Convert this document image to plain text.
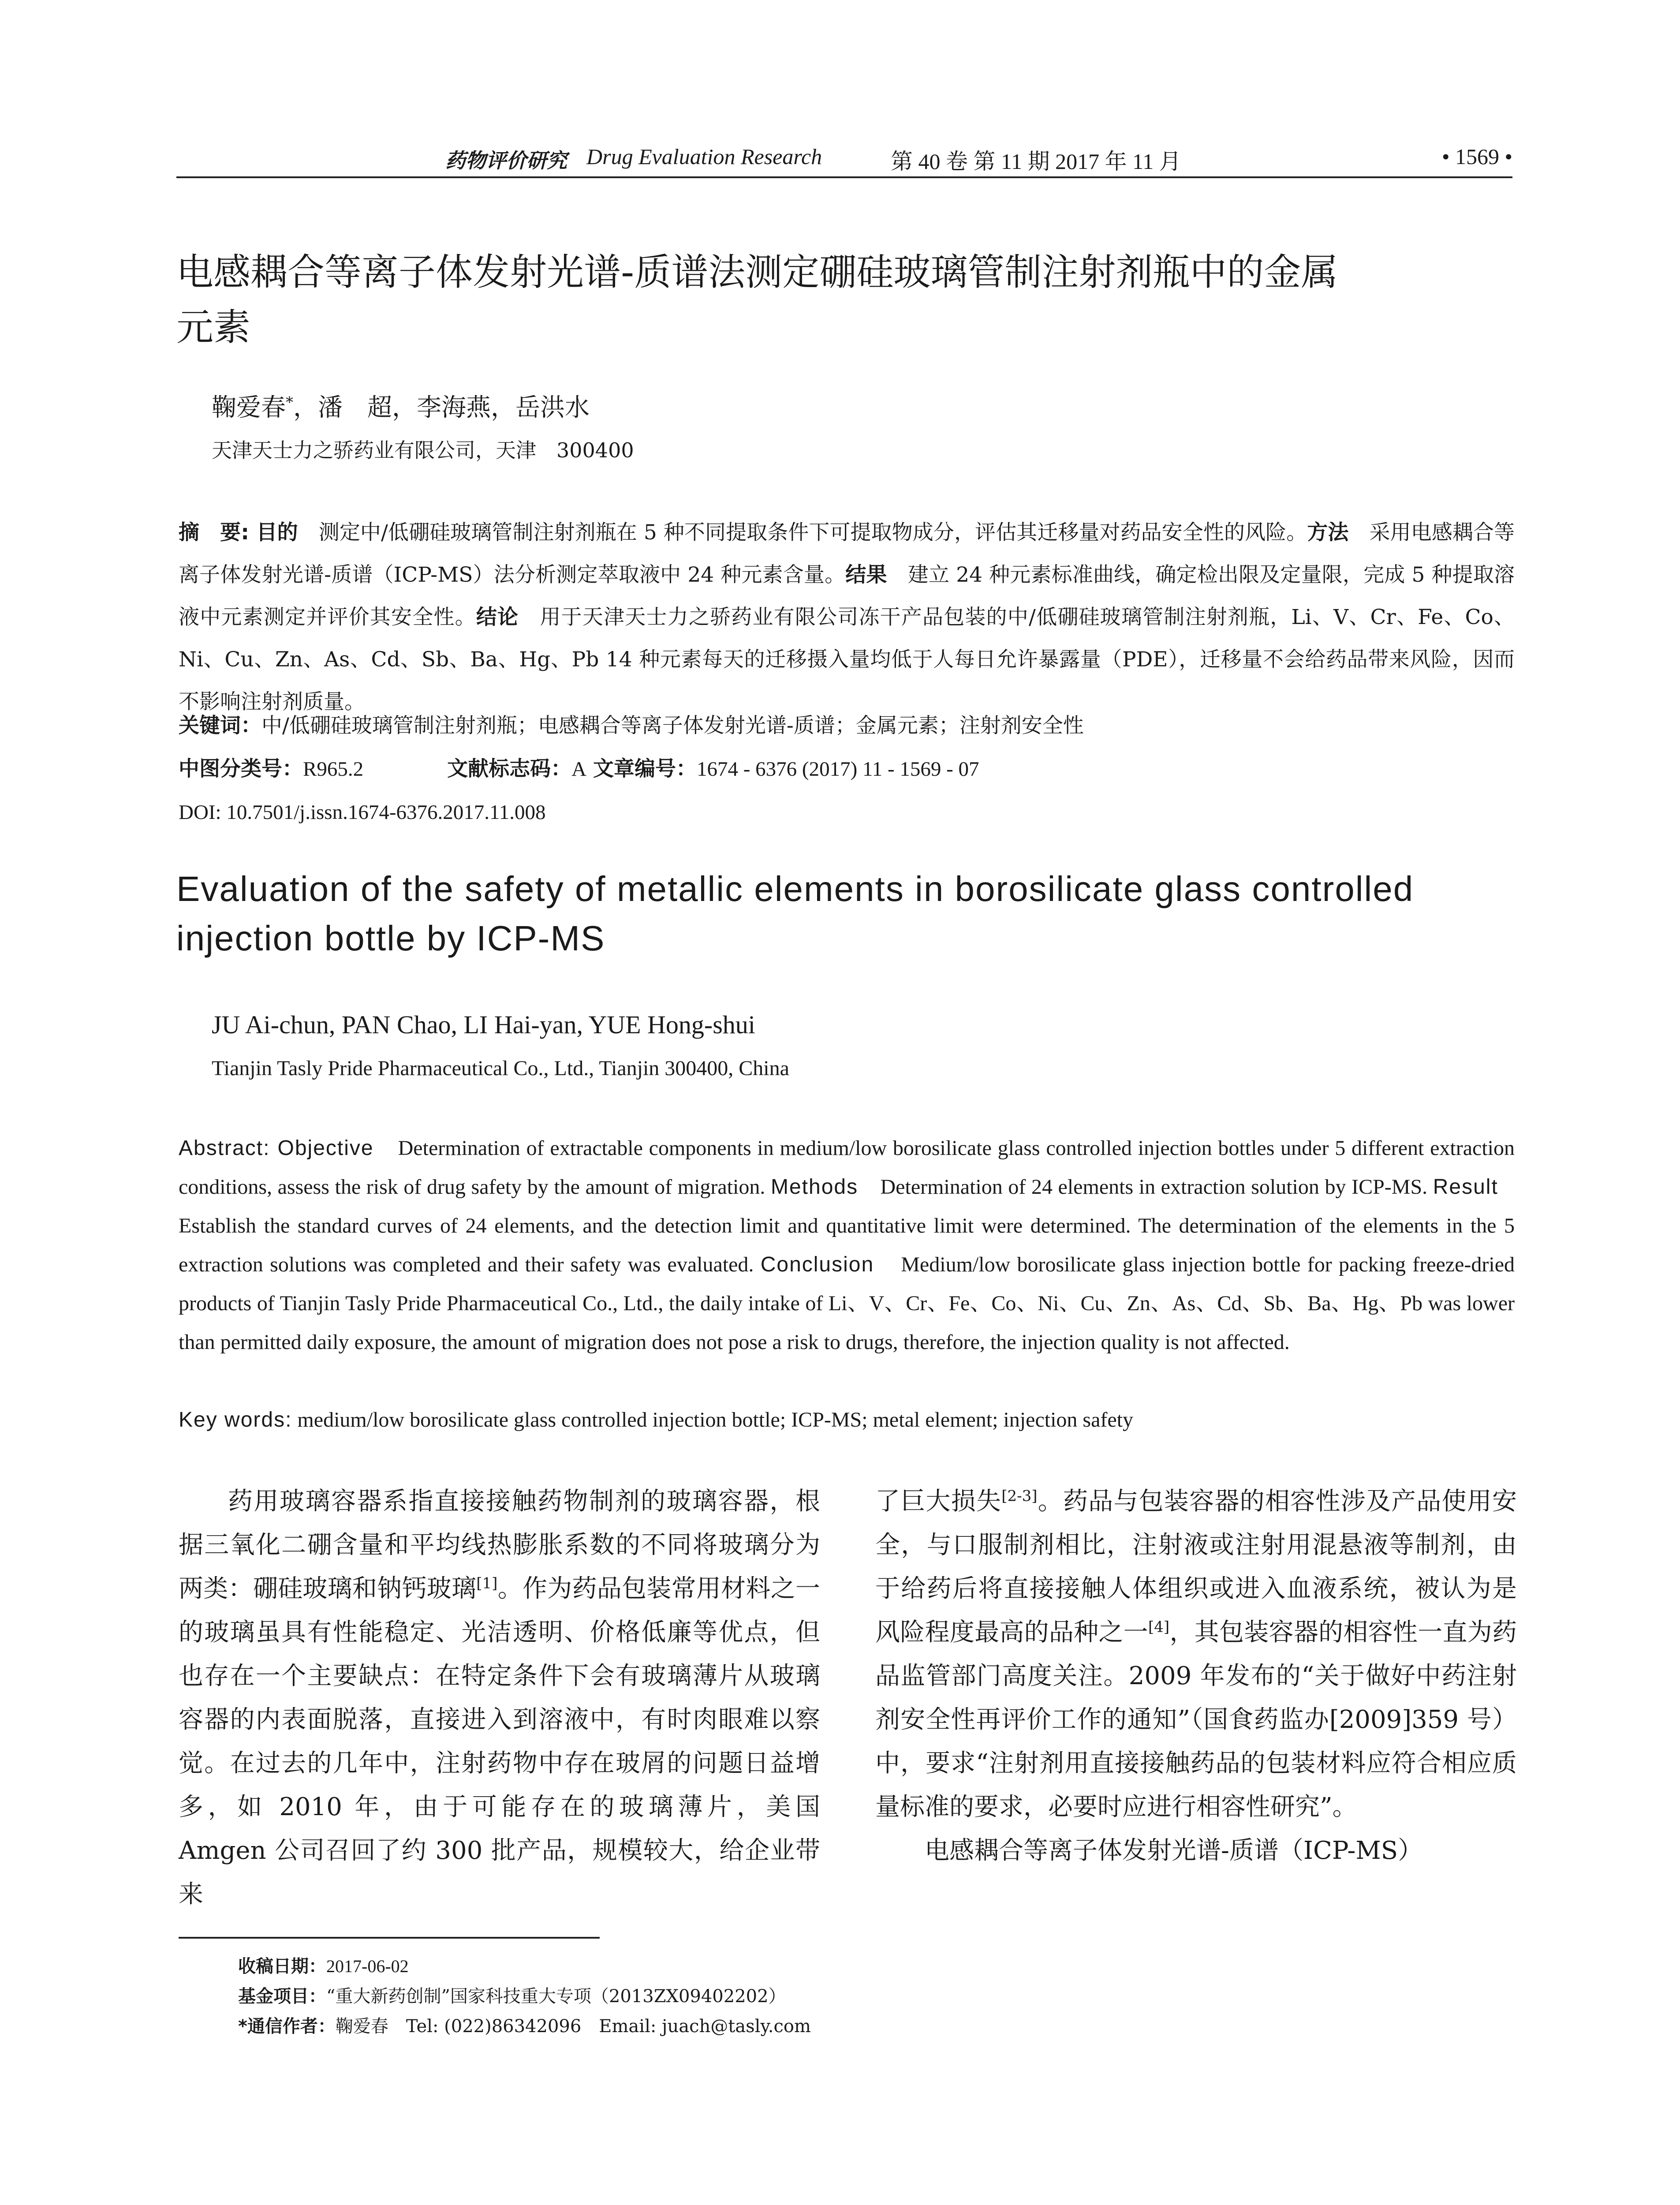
药物评价研究 Drug Evaluation Research	第 40 卷 第 11 期 2017 年 11 月	• 1569 •
电感耦合等离子体发射光谱-质谱法测定硼硅玻璃管制注射剂瓶中的金属
元素
鞠爱春*，潘　超，李海燕，岳洪水
天津天士力之骄药业有限公司，天津　300400
摘　要: 目的　 测定中/低硼硅玻璃管制注射剂瓶在 5 种不同提取条件下可提取物成分，评估其迁移量对药品安全性的风险。方法　 采用电感耦合等离子体发射光谱-质谱（ICP-MS）法分析测定萃取液中 24 种元素含量。结果　 建立 24 种元素标准曲线，确定检出限及定量限，完成 5 种提取溶液中元素测定并评价其安全性。结论　 用于天津天士力之骄药业有限公司冻干产品包装的中/低硼硅玻璃管制注射剂瓶，Li、V、Cr、Fe、Co、Ni、Cu、Zn、As、Cd、Sb、Ba、Hg、Pb 14 种元素每天的迁移摄入量均低于人每日允许暴露量（PDE），迁移量不会给药品带来风险，因而不影响注射剂质量。
关键词：中/低硼硅玻璃管制注射剂瓶；电感耦合等离子体发射光谱-质谱；金属元素；注射剂安全性
中图分类号：R965.2	文献标志码：A 文章编号：1674 - 6376 (2017) 11 - 1569 - 07
DOI: 10.7501/j.issn.1674-6376.2017.11.008
Evaluation of the safety of metallic elements in borosilicate glass controlled
injection bottle by ICP-MS
JU Ai-chun, PAN Chao, LI Hai-yan, YUE Hong-shui
Tianjin Tasly Pride Pharmaceutical Co., Ltd., Tianjin 300400, China
Abstract: Objective Determination of extractable components in medium/low borosilicate glass controlled injection bottles under 5 different extraction conditions, assess the risk of drug safety by the amount of migration. Methods Determination of 24 elements in extraction solution by ICP-MS. Result    Establish the standard curves of 24 elements, and the detection limit and quantitative limit were determined. The determination of the elements in the 5 extraction solutions was completed and their safety was evaluated. Conclusion Medium/low borosilicate glass injection bottle for packing freeze-dried products of Tianjin Tasly Pride Pharmaceutical Co., Ltd., the daily intake of Li、V、Cr、Fe、Co、Ni、Cu、Zn、As、Cd、Sb、Ba、Hg、Pb was lower than permitted daily exposure, the amount of migration does not pose a risk to drugs, therefore, the injection quality is not affected.
Key words: medium/low borosilicate glass controlled injection bottle; ICP-MS; metal element; injection safety

药用玻璃容器系指直接接触药物制剂的玻璃容器，根据三氧化二硼含量和平均线热膨胀系数的不同将玻璃分为两类：硼硅玻璃和钠钙玻璃[1]。作为药品包装常用材料之一的玻璃虽具有性能稳定、光洁透明、价格低廉等优点，但也存在一个主要缺点：在特定条件下会有玻璃薄片从玻璃容器的内表面脱落，直接进入到溶液中，有时肉眼难以察觉。在过去的几年中，注射药物中存在玻屑的问题日益增多，如 2010 年，由于可能存在的玻璃薄片，美国 Amgen 公司召回了约 300 批产品，规模较大，给企业带来

了巨大损失[2-3]。药品与包装容器的相容性涉及产品使用安全，与口服制剂相比，注射液或注射用混悬液等制剂，由于给药后将直接接触人体组织或进入血液系统，被认为是风险程度最高的品种之一[4]，其包装容器的相容性一直为药品监管部门高度关注。2009 年发布的“关于做好中药注射剂安全性再评价工作的通知”（国食药监办[2009]359 号）中，要求“注射剂用直接接触药品的包装材料应符合相应质量标准的要求，必要时应进行相容性研究”。

电感耦合等离子体发射光谱-质谱（ICP-MS）

收稿日期：2017-06-02
基金项目：“重大新药创制”国家科技重大专项（2013ZX09402202）
*通信作者：鞠爱春　Tel: (022)86342096　Email: juach@tasly.com
